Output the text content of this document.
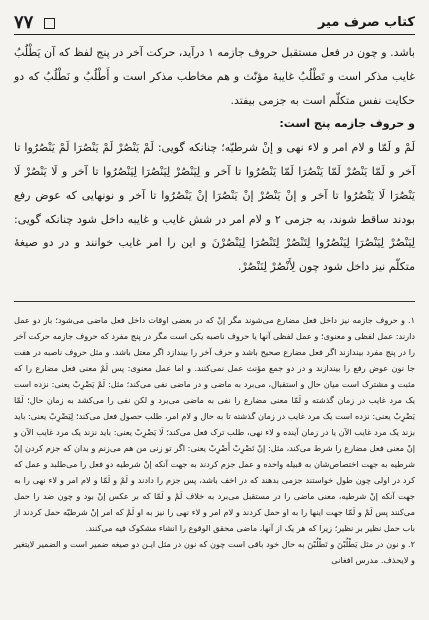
۷۷	کتاب صرف میر

باشد. و چون در فعل مستقبل حروف جازمه ۱ درآید، حرکت آخر در پنج لفظ که آن یَطْلُبُ غایب مذکر است و تَطْلُبُ غایبهٔ مؤنّث و هم مخاطب مذکر است و أَطْلُبُ و نَطْلُبُ که دو حکایت نفس متکلّم است به جزمی بیفتد.

و حروف جازمه پنج است:

لَمْ و لَمّا و لام امر و لاء نهی و إنْ شرطیّه؛ چنانکه گویی: لَمْ يَنْصُرْ لَمْ يَنْصُرَا لَمْ يَنْصُرُوا تا آخر و لَمّا يَنْصُرْ لَمّا يَنْصُرَا لَمّا يَنْصُرُوا تا آخر و لِيَنْصُرْ لِيَنْصُرَا لِيَنْصُرُوا تا آخر و لَا يَنْصُرْ لَا يَنْصُرَا لَا يَنْصُرُوا تا آخر و إنْ يَنْصُرْ إنْ يَنْصُرَا إنْ يَنْصُرُوا تا آخر و نونهایی که عوض رفع بودند ساقط شوند، به جزمی ۲ و لام امر در شش غایب و غایبه داخل شود چنانکه گویی: لِيَنْصُرْ لِيَنْصُرَا لِيَنْصُرُوا لِتَنْصُرْ لِتَنْصُرَا لِيَنْصُرْنَ و این را امر غایب خوانند و در دو صیغهٔ متکلّم نیز داخل شود چون لِأَنْصُرْ لِنَنْصُرْ.

۱. و حروف جازمه نیز داخل فعل مضارع می‌شوند مگر إنْ که در بعضی اوقات داخل فعل ماضی می‌شود؛ باز دو عمل دارند: عمل لفظی و معنوی؛ و عمل لفظی آنها یا حروف ناصبه یکی است مگر در پنج مفرد که حروف جازمه حرکت آخر را در پنج مفرد بیندازند اگر فعل مضارع صحیح باشد و حرف آخر را بیندازد اگر معتل باشد. و مثل حروف ناصبه در هفت جا نون عوض رفع را بیندازند و در دو جمع مؤنث عمل نمی‌کنند. و اما عمل معنوی: پس لَمْ معنی فعل مضارع را که مثبت و مشترک است میان حال و استقبال، می‌برد به ماضی و در ماضی نفی می‌کند؛ مثل: لَمْ يَضْرِبْ یعنی: نزده است یک مرد غایب در زمان گذشته و لَمّا معنی مضارع را نفی به ماضی می‌برد و لکن نفی را می‌کشد به زمان حال؛ لَمّا يَضْرِبْ یعنی: نزده است یک مرد غایب در زمان گذشته تا به حال و لام امر، طلب حصول فعل می‌کند؛ لِيَضْرِبْ یعنی: باید بزند یک مرد غایب الآن یا در زمان آینده و لاء نهی، طلب ترک فعل می‌کند؛ لَا يَضْرِبْ یعنی: باید نزند یک مرد غایب الآن و إنْ معنی فعل مضارع را شرط می‌کند، مثل: إنْ تَضْرِبْ أَضْرِبْ یعنی: اگر تو زنی من هم می‌زنم و بدان که جزم کردن إنْ شرطیه به جهت اختصاص‌شان به قبیله واحده و عمل جزم کردند به جهت آنکه إنْ شرطیه دو فعل را می‌طلبد و عمل که کرد در اولی چون طول خواستند جزمی بدهند که در اخف باشد، پس جزم را دادند و لَمْ و لَمّا و لام امر و لاء نهی را به جهت آنکه إنْ شرطیه، معنی ماضی را در مستقبل می‌برد به خلاف لَمْ و لَمّا که بر عکس إنْ بود و چون ضد را حمل می‌کنند پس لَمْ و لَمّا جهت اینها را به او حمل کردند و لام امر و لاء نهی را نیز به او لَمْ که امر إنْ شرطیّه حمل کردند از باب حمل نظیر بر نظیر؛ زیرا که هر یک از آنها، ماضی محقق الوقوع را انشاء مشکوک فیه می‌کنند.

۲. و نون در مثل يَطْلُبْنَ و تَطْلُبْنَ به حال خود باقی است چون که نون در مثل ایـن دو صیغه ضمیر است و الضمیر لایتغیر و لایحذف. مدرس افغانی
